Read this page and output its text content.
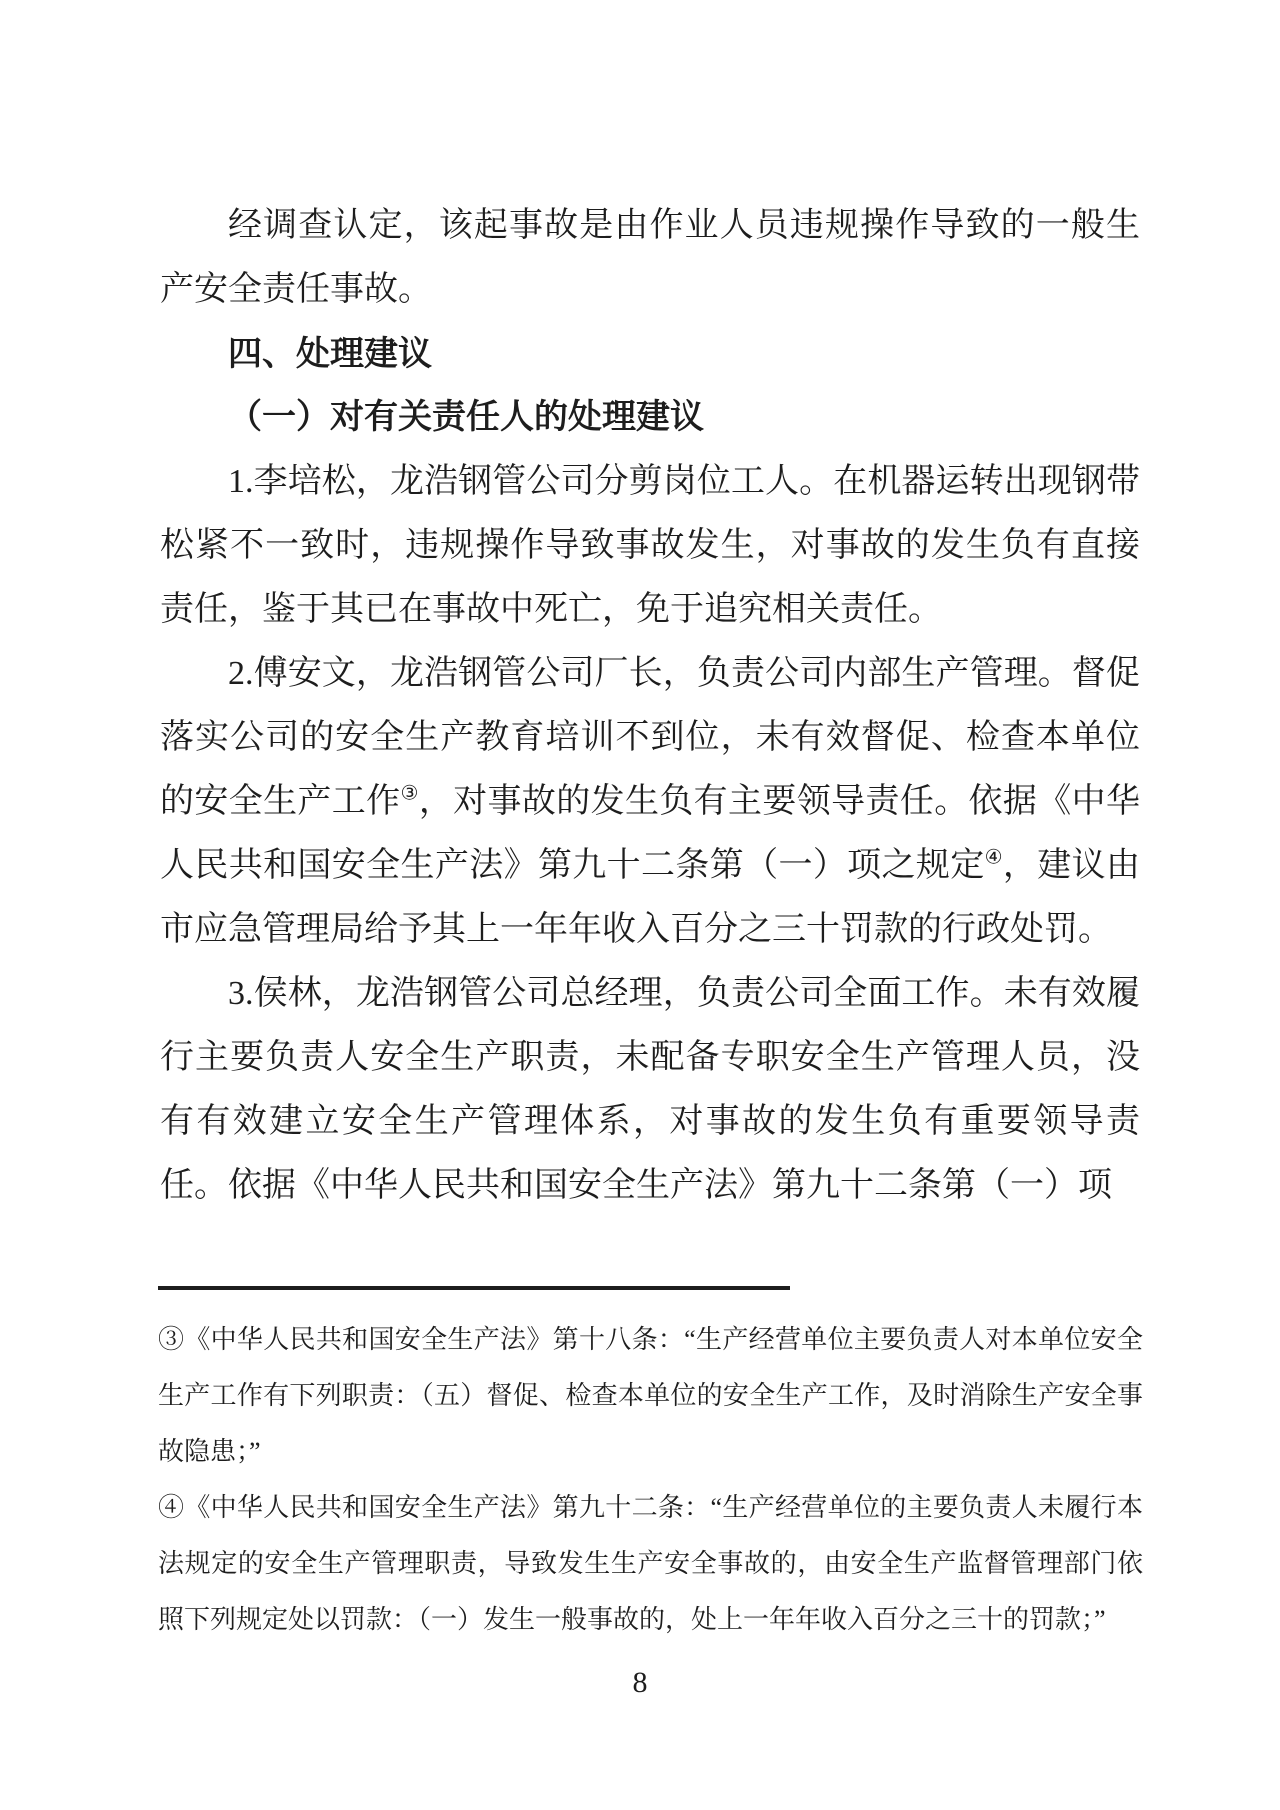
经调查认定，该起事故是由作业人员违规操作导致的一般生产安全责任事故。

四、处理建议
（一）对有关责任人的处理建议

1.李培松，龙浩钢管公司分剪岗位工人。在机器运转出现钢带松紧不一致时，违规操作导致事故发生，对事故的发生负有直接责任，鉴于其已在事故中死亡，免于追究相关责任。

2.傅安文，龙浩钢管公司厂长，负责公司内部生产管理。督促落实公司的安全生产教育培训不到位，未有效督促、检查本单位的安全生产工作③，对事故的发生负有主要领导责任。依据《中华人民共和国安全生产法》第九十二条第（一）项之规定④，建议由市应急管理局给予其上一年年收入百分之三十罚款的行政处罚。

3.侯林，龙浩钢管公司总经理，负责公司全面工作。未有效履行主要负责人安全生产职责，未配备专职安全生产管理人员，没有有效建立安全生产管理体系，对事故的发生负有重要领导责任。依据《中华人民共和国安全生产法》第九十二条第（一）项

③《中华人民共和国安全生产法》第十八条：“生产经营单位主要负责人对本单位安全生产工作有下列职责：（五）督促、检查本单位的安全生产工作，及时消除生产安全事故隐患；”

④《中华人民共和国安全生产法》第九十二条：“生产经营单位的主要负责人未履行本法规定的安全生产管理职责，导致发生生产安全事故的，由安全生产监督管理部门依照下列规定处以罚款：（一）发生一般事故的，处上一年年收入百分之三十的罚款；”

8
